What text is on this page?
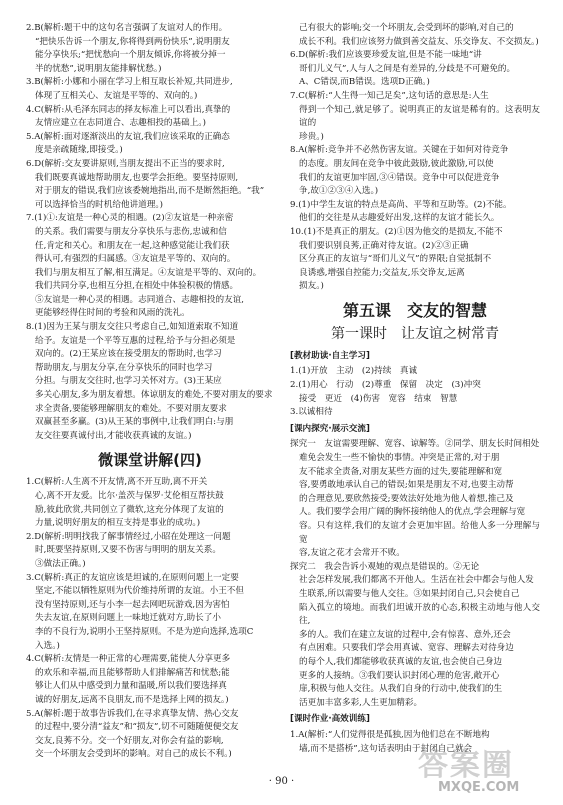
2.B(解析:题干中的这句名言强调了友谊对人的作用。

“把快乐告诉一个朋友,你将得到两份快乐”,说明朋友

能分享快乐;“把忧愁向一个朋友倾诉,你将被分掉一

半的忧愁”,说明朋友能排解忧愁。)

3.B(解析:小娜和小丽在学习上相互取长补短,共同进步,

体现了互相关心、友谊是平等的、双向的。)

4.C(解析:从毛泽东同志的择友标准上可以看出,真挚的

友情应建立在志同道合、志趣相投的基础上。)

5.A(解析:面对逐渐淡出的友谊,我们应该采取的正确态

度是亲疏随缘,即接受。)

6.D(解析:交友要讲原则,当朋友提出不正当的要求时,

我们既要真诚地帮助朋友,也要学会拒绝。要坚持原则,

对于朋友的错误,我们应该委婉地指出,而不是断然拒绝。“我”

可以选择恰当的时机给他讲道理。)

7.(1)①:友谊是一种心灵的相遇。(2)②友谊是一种亲密

的关系。我们需要与朋友分享快乐与悲伤,忠诚和信

任,肯定和关心。和朋友在一起,这种感觉能让我们获

得认可,有强烈的归属感。③友谊是平等的、双向的。

我们与朋友相互了解,相互满足。④友谊是平等的、双向的。

我们共同分享,也相互分担,在相处中体验积极的情感。

⑤友谊是一种心灵的相遇。志同道合、志趣相投的友谊,

更能够经得住时间的考验和风雨的洗礼。

8.(1)因为王某与朋友交往只考虑自己,如知道索取不知道

给予。友谊是一个平等互惠的过程,给予与分担必须是

双向的。(2)王某应该在接受朋友的帮助时,也学习

帮助朋友,与朋友分享,在分享快乐的同时也学习

分担。与朋友交往时,也学习关怀对方。(3)王某应

多关心朋友,多为朋友着想。体谅朋友的难处,不要对朋友的要求

求全责备,要能够理解朋友的难处。不要对朋友要求

双赢甚至多赢。(3)从王某的事例中,让我们明白:与朋

友交往要真诚付出,才能收获真诚的友谊。)

微课堂讲解(四)

1.C(解析:人生离不开友情,离不开互助,离不开关

心,离不开友爱。比尔·盖茨与保罗·艾伦相互帮扶鼓

励,彼此欣赏,共同创立了微软,这充分体现了友谊的

力量,说明好朋友的相互支持是事业的成功。)

2.D(解析:明明找我了解事情经过,小昭在处理这一问题

时,既要坚持原则,又要不伤害与明明的朋友关系。

③做法正确。)

3.C(解析:真正的友谊应该是坦诚的,在原则问题上一定要

坚定,不能以牺牲原则为代价维持所谓的友谊。小王不但

没有坚持原则,还与小李一起去网吧玩游戏,因为害怕

失去友谊,在原则问题上一味地迁就对方,助长了小

李的不良行为,说明小王坚持原则。不是为逆向选择,选项C

入选。)

4.C(解析:友情是一种正常的心理需要,能使人分享更多

的欢乐和幸福,而且能够帮助人们排解痛苦和忧愁;能

够让人们从中感受到力量和温暖,所以我们要选择真

诚的好朋友,远离不良朋友,而不是选择上网的损友。)

5.A(解析:题于故事告诉我们,在寻求真挚友情、热心交友

的过程中,要分清“益友”和“损友”,切不可随随便便交友

交友,良莠不分。交一个好朋友,对你会有益的影响,

交一个坏朋友会受到坏的影响。对自己的成长不利。)

己有很大的影响;交一个坏朋友,会受到坏的影响,对自己的

成长不利。我们应该努力做到善交益友、乐交诤友、不交损友。)

6.D(解析:我们应该要珍爱友谊,但是不能一味地“讲

哥们儿义气”,人与人之间是有差异的,分歧是不可避免的。

A、C错误,而B错误。选项D正确。)

7.C(解析:“人生得一知己足矣”,这句话的意思是:人生

得到一个知己,就足够了。说明真正的友谊是稀有的。这表明友谊的

珍贵。)

8.A(解析:竞争并不必然伤害友谊。关键在于如何对待竞争

的态度。朋友间在竞争中彼此鼓励,彼此激励,可以使

我们的友谊更加牢固,③④错误。竞争中可以促进竞争

争,故①②③④入选。)

9.(1)中学生友谊的特点是高尚、平等和互助等。(2)不能。

他们的交往是从志趣爱好出发,这样的友谊才能长久。

10.(1)不是真正的朋友。(2)①因为他交的是损友,不能不

我们要识别良莠,正确对待友谊。(2)②③正确

区分真正的友谊与“哥们儿义气”的界限;自觉抵制不

良诱惑,增强自控能力;交益友,乐交诤友,远离

损友。)

第五课　交友的智慧
第一课时　让友谊之树常青
[ 教材助读·自主学习 ]

1.(1)开放　主动　(2)持续　真诚

2.(1)用心　行动　(2)尊重　保留　决定　(3)冲突

接受　更近　(4)伤害　宽容　结束　智慧

3.以诚相待

[ 课内探究·展示交流 ]

探究一　友谊需要理解、宽容、谅解等。②同学、朋友长时间相处

难免会发生一些不愉快的事情。冲突是正常的,对于朋

友不能求全责备,对朋友某些方面的过失,要能理解和宽

容,要勇敢地承认自己的错误;如果是朋友不对,也要主动帮

的合理意见,要欣然接受;要效法好处地为他人着想,推己及

人。我们要学会用广阔的胸怀接纳他人的优点,学会理解与宽

容。只有这样,我们的友谊才会更加牢固。给他人多一分理解与宽

容,友谊之花才会常开不败。

探究二　我会告诉小观她的观点是错误的。②无论

社会怎样发展,我们都离不开他人。生活在社会中都会与他人发

生联系,所以需要与他人交往。③如果封闭自己,只会使自己

陷入孤立的境地。而我们坦诚开放的心态,积极主动地与他人交往,

多的人。我们在建立友谊的过程中,会有惊喜、意外,还会

有点困难。只要我们学会用真诚、宽容、理解去对待身边

的每个人,我们都能够收获真诚的友谊,也会使自己身边

更多的人接纳。③我们要认识封闭心理的危害,敞开心

扉,积极与他人交往。从我们自身的行动中,使我们的生

活更加丰富多彩,人生更加精彩。

[ 课时作业·高效训练 ]

1.A(解析:“人们觉得很是孤独,因为他们总在不断地构

墙,而不是搭桥”,这句话表明由于封闭自己就会

· 90 ·	答案圈
MXQE.COM
